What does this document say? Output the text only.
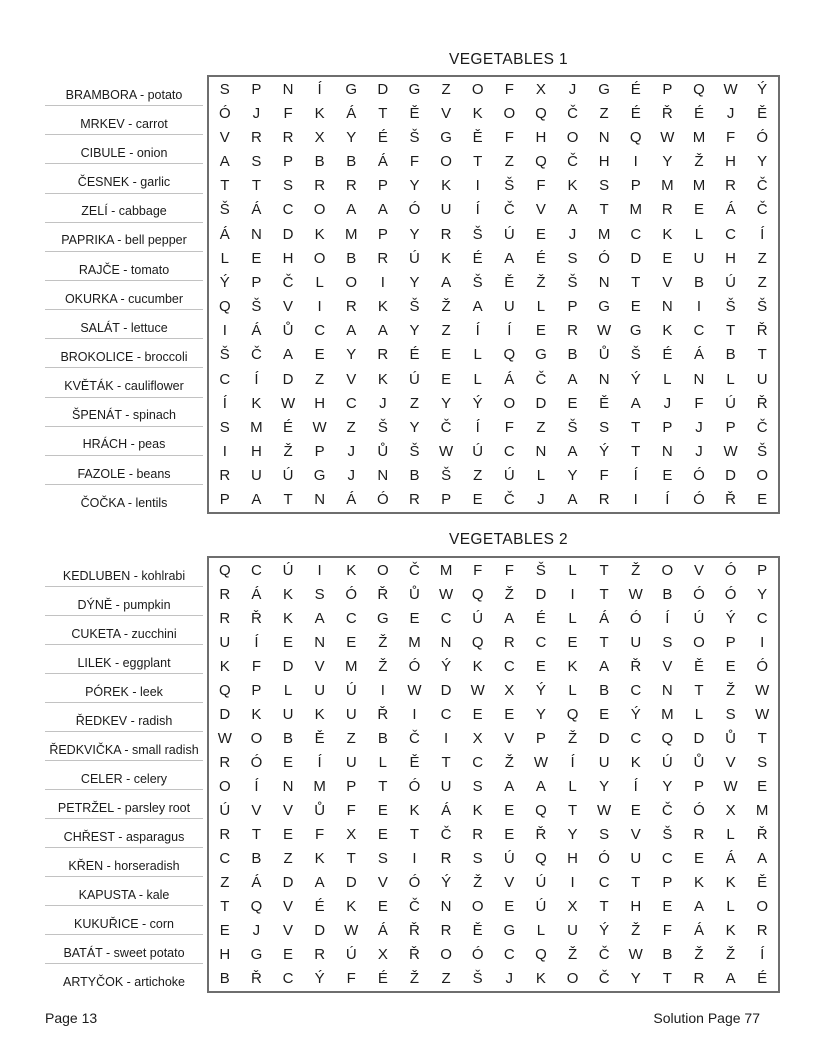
VEGETABLES 1
BRAMBORA - potato
MRKEV - carrot
CIBULE - onion
ČESNEK - garlic
ZELÍ - cabbage
PAPRIKA - bell pepper
RAJČE - tomato
OKURKA - cucumber
SALÁT - lettuce
BROKOLICE - broccoli
KVĚTÁK - cauliflower
ŠPENÁT - spinach
HRÁCH - peas
FAZOLE - beans
ČOČKA - lentils
S	P	N	Í	G	D	G	Z	O	F	X	J	G	É	P	Q	W	Ý
Ó	J	F	K	Á	T	Ě	V	K	O	Q	Č	Z	É	Ř	É	J	Ě
V	R	R	X	Y	É	Š	G	Ě	F	H	O	N	Q	W	M	F	Ó
A	S	P	B	B	Á	F	O	T	Z	Q	Č	H	I	Y	Ž	H	Y
T	T	S	R	R	P	Y	K	I	Š	F	K	S	P	M	M	R	Č
Š	Á	C	O	A	A	Ó	U	Í	Č	V	A	T	M	R	E	Á	Č
Á	N	D	K	M	P	Y	R	Š	Ú	E	J	M	C	K	L	C	Í
L	E	H	O	B	R	Ú	K	É	A	É	S	Ó	D	E	U	H	Z
Ý	P	Č	L	O	I	Y	A	Š	Ě	Ž	Š	N	T	V	B	Ú	Z
Q	Š	V	I	R	K	Š	Ž	A	U	L	P	G	E	N	I	Š	Š
I	Á	Ů	C	A	A	Y	Z	Í	Í	E	R	W	G	K	C	T	Ř
Š	Č	A	E	Y	R	É	E	L	Q	G	B	Ů	Š	É	Á	B	T
C	Í	D	Z	V	K	Ú	E	L	Á	Č	A	N	Ý	L	N	L	U
Í	K	W	H	C	J	Z	Y	Ý	O	D	E	Ě	A	J	F	Ú	Ř
S	M	É	W	Z	Š	Y	Č	Í	F	Z	Š	S	T	P	J	P	Č
I	H	Ž	P	J	Ů	Š	W	Ú	C	N	A	Ý	T	N	J	W	Š
R	U	Ú	G	J	N	B	Š	Z	Ú	L	Y	F	Í	E	Ó	D	O
P	A	T	N	Á	Ó	R	P	E	Č	J	A	R	I	Í	Ó	Ř	E
VEGETABLES 2
KEDLUBEN - kohlrabi
DÝNĚ - pumpkin
CUKETA - zucchini
LILEK - eggplant
PÓREK - leek
ŘEDKEV - radish
ŘEDKVIČKA - small radish
CELER - celery
PETRŽEL - parsley root
CHŘEST - asparagus
KŘEN - horseradish
KAPUSTA - kale
KUKUŘICE - corn
BATÁT - sweet potato
ARTYČOK - artichoke
Q	C	Ú	I	K	O	Č	M	F	F	Š	L	T	Ž	O	V	Ó	P
R	Á	K	S	Ó	Ř	Ů	W	Q	Ž	D	I	T	W	B	Ó	Ó	Y
R	Ř	K	A	C	G	E	C	Ú	A	É	L	Á	Ó	Í	Ú	Ý	C
U	Í	E	N	E	Ž	M	N	Q	R	C	E	T	U	S	O	P	I
K	F	D	V	M	Ž	Ó	Ý	K	C	E	K	A	Ř	V	Ě	E	Ó
Q	P	L	U	Ú	I	W	D	W	X	Ý	L	B	C	N	T	Ž	W
D	K	U	K	U	Ř	I	C	E	E	Y	Q	E	Ý	M	L	S	W
W	O	B	Ě	Z	B	Č	I	X	V	P	Ž	D	C	Q	D	Ů	T
R	Ó	E	Í	U	L	Ě	T	C	Ž	W	Í	U	K	Ú	Ů	V	S
O	Í	N	M	P	T	Ó	U	S	A	A	L	Y	Í	Y	P	W	E
Ú	V	V	Ů	F	E	K	Á	K	E	Q	T	W	E	Č	Ó	X	M
R	T	E	F	X	E	T	Č	R	E	Ř	Y	S	V	Š	R	L	Ř
C	B	Z	K	T	S	I	R	S	Ú	Q	H	Ó	U	C	E	Á	A
Z	Á	D	A	D	V	Ó	Ý	Ž	V	Ú	I	C	T	P	K	K	Ě
T	Q	V	É	K	E	Č	N	O	E	Ú	X	T	H	E	A	L	O
E	J	V	D	W	Á	Ř	R	Ě	G	L	U	Ý	Ž	F	Á	K	R
H	G	E	R	Ú	X	Ř	O	Ó	C	Q	Ž	Č	W	B	Ž	Ž	Í
B	Ř	C	Ý	F	É	Ž	Z	Š	J	K	O	Č	Y	T	R	A	É
Page 13	Solution Page 77
